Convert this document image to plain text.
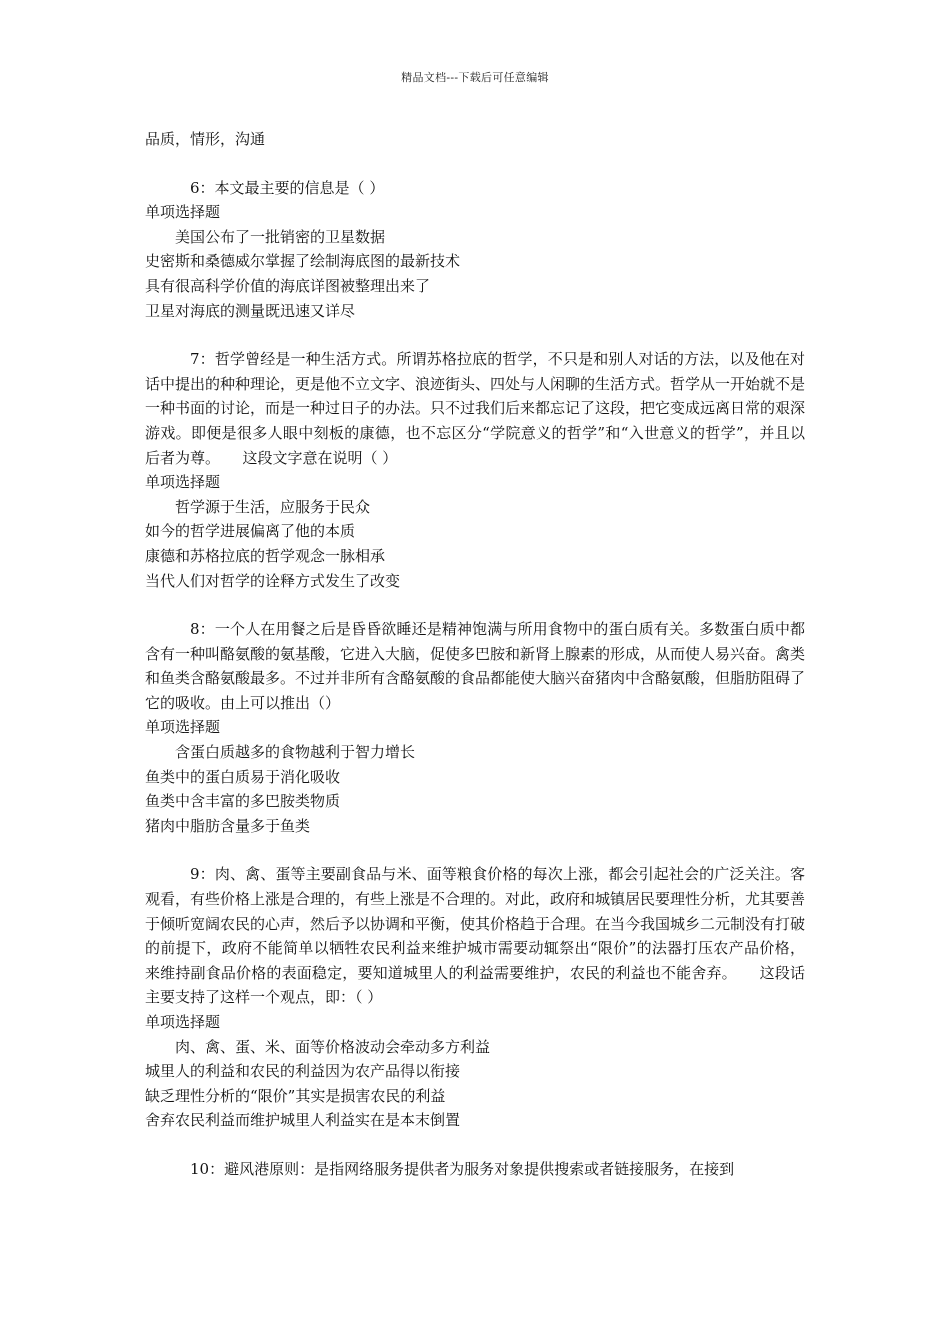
精品文档---下载后可任意编辑
品质，情形，沟通
6：本文最主要的信息是（ ）
单项选择题
美国公布了一批销密的卫星数据
史密斯和桑德威尔掌握了绘制海底图的最新技术
具有很高科学价值的海底详图被整理出来了
卫星对海底的测量既迅速又详尽
7：哲学曾经是一种生活方式。所谓苏格拉底的哲学，不只是和别人对话的方法，以及他在对话中提出的种种理论，更是他不立文字、浪迹街头、四处与人闲聊的生活方式。哲学从一开始就不是一种书面的讨论，而是一种过日子的办法。只不过我们后来都忘记了这段，把它变成远离日常的艰深游戏。即便是很多人眼中刻板的康德，也不忘区分“学院意义的哲学”和“入世意义的哲学”，并且以后者为尊。　　这段文字意在说明（ ）
单项选择题
哲学源于生活，应服务于民众
如今的哲学进展偏离了他的本质
康德和苏格拉底的哲学观念一脉相承
当代人们对哲学的诠释方式发生了改变
8：一个人在用餐之后是昏昏欲睡还是精神饱满与所用食物中的蛋白质有关。多数蛋白质中都含有一种叫酪氨酸的氨基酸，它进入大脑，促使多巴胺和新肾上腺素的形成，从而使人易兴奋。禽类和鱼类含酪氨酸最多。不过并非所有含酪氨酸的食品都能使大脑兴奋猪肉中含酪氨酸，但脂肪阻碍了它的吸收。由上可以推出（）
单项选择题
含蛋白质越多的食物越利于智力增长
鱼类中的蛋白质易于消化吸收
鱼类中含丰富的多巴胺类物质
猪肉中脂肪含量多于鱼类
9：肉、禽、蛋等主要副食品与米、面等粮食价格的每次上涨，都会引起社会的广泛关注。客观看，有些价格上涨是合理的，有些上涨是不合理的。对此，政府和城镇居民要理性分析，尤其要善于倾听宽阔农民的心声，然后予以协调和平衡，使其价格趋于合理。在当今我国城乡二元制没有打破的前提下，政府不能简单以牺牲农民利益来维护城市需要动辄祭出“限价”的法器打压农产品价格，来维持副食品价格的表面稳定，要知道城里人的利益需要维护，农民的利益也不能舍弃。　　这段话主要支持了这样一个观点，即：（ ）
单项选择题
肉、禽、蛋、米、面等价格波动会牵动多方利益
城里人的利益和农民的利益因为农产品得以衔接
缺乏理性分析的“限价”其实是损害农民的利益
舍弃农民利益而维护城里人利益实在是本末倒置
10：避风港原则：是指网络服务提供者为服务对象提供搜索或者链接服务，在接到
